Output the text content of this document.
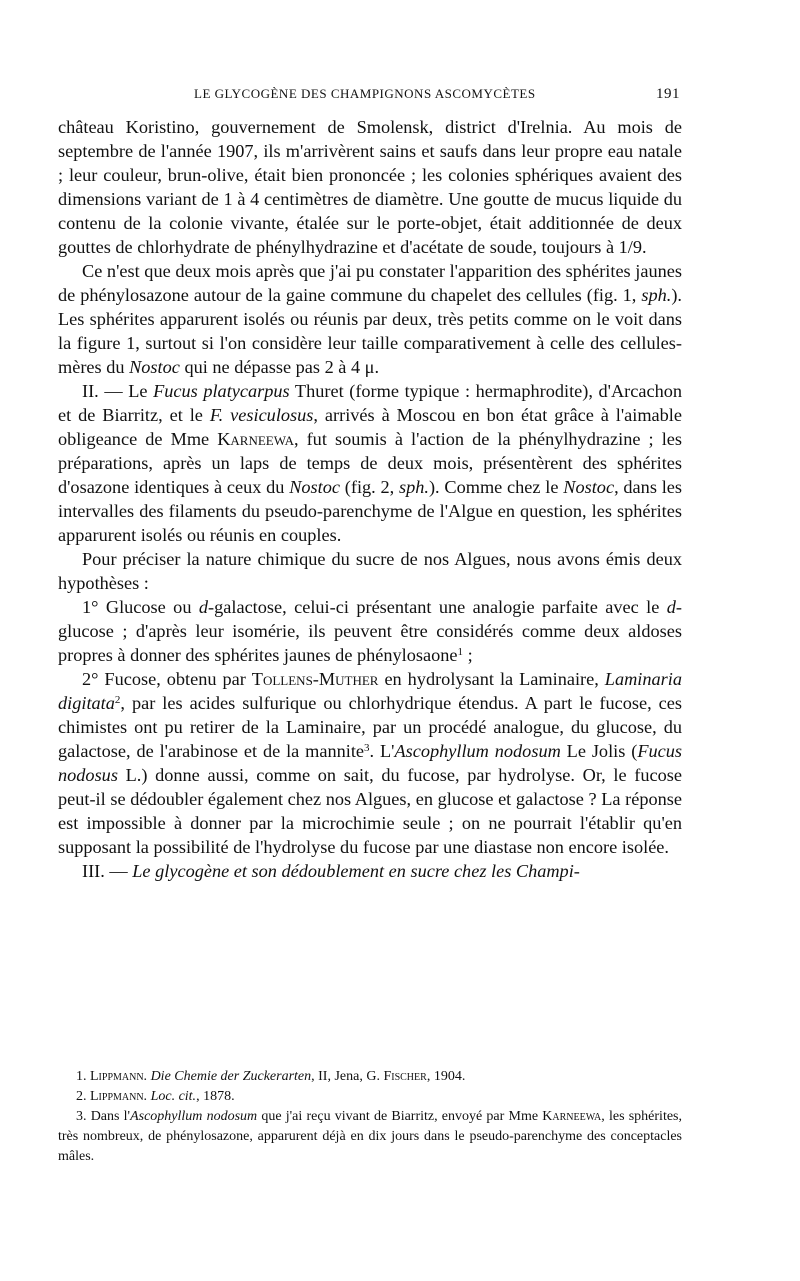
LE GLYCOGÈNE DES CHAMPIGNONS ASCOMYCÈTES	191

château Koristino, gouvernement de Smolensk, district d'Irelnia. Au mois de septembre de l'année 1907, ils m'arrivèrent sains et saufs dans leur propre eau natale ; leur couleur, brun-olive, était bien prononcée ; les colonies sphériques avaient des dimensions variant de 1 à 4 centimètres de diamètre. Une goutte de mucus liquide du contenu de la colonie vivante, étalée sur le porte-objet, était additionnée de deux gouttes de chlorhydrate de phénylhydrazine et d'acétate de soude, toujours à 1/9.

Ce n'est que deux mois après que j'ai pu constater l'apparition des sphérites jaunes de phénylosazone autour de la gaine commune du chapelet des cellules (fig. 1, sph.). Les sphérites apparurent isolés ou réunis par deux, très petits comme on le voit dans la figure 1, surtout si l'on considère leur taille comparativement à celle des cellules-mères du Nostoc qui ne dépasse pas 2 à 4 μ.

II. — Le Fucus platycarpus Thuret (forme typique : hermaphrodite), d'Arcachon et de Biarritz, et le F. vesiculosus, arrivés à Moscou en bon état grâce à l'aimable obligeance de Mme Karneewa, fut soumis à l'action de la phénylhydrazine ; les préparations, après un laps de temps de deux mois, présentèrent des sphérites d'osazone identiques à ceux du Nostoc (fig. 2, sph.). Comme chez le Nostoc, dans les intervalles des filaments du pseudo-parenchyme de l'Algue en question, les sphérites apparurent isolés ou réunis en couples.

Pour préciser la nature chimique du sucre de nos Algues, nous avons émis deux hypothèses :

1° Glucose ou d-galactose, celui-ci présentant une analogie parfaite avec le d-glucose ; d'après leur isomérie, ils peuvent être considérés comme deux aldoses propres à donner des sphérites jaunes de phénylosaone$^1$ ;

2° Fucose, obtenu par Tollens-Muther en hydrolysant la Laminaire, Laminaria digitata$^2$, par les acides sulfurique ou chlorhydrique étendus. A part le fucose, ces chimistes ont pu retirer de la Laminaire, par un procédé analogue, du glucose, du galactose, de l'arabinose et de la mannite$^3$. L'Ascophyllum nodosum Le Jolis (Fucus nodosus L.) donne aussi, comme on sait, du fucose, par hydrolyse. Or, le fucose peut-il se dédoubler également chez nos Algues, en glucose et galactose ? La réponse est impossible à donner par la microchimie seule ; on ne pourrait l'établir qu'en supposant la possibilité de l'hydrolyse du fucose par une diastase non encore isolée.

III. — Le glycogène et son dédoublement en sucre chez les Champi-

1. Lippmann. Die Chemie der Zuckerarten, II, Jena, G. Fischer, 1904.

2. Lippmann. Loc. cit., 1878.

3. Dans l'Ascophyllum nodosum que j'ai reçu vivant de Biarritz, envoyé par Mme Karneewa, les sphérites, très nombreux, de phénylosazone, apparurent déjà en dix jours dans le pseudo-parenchyme des conceptacles mâles.
